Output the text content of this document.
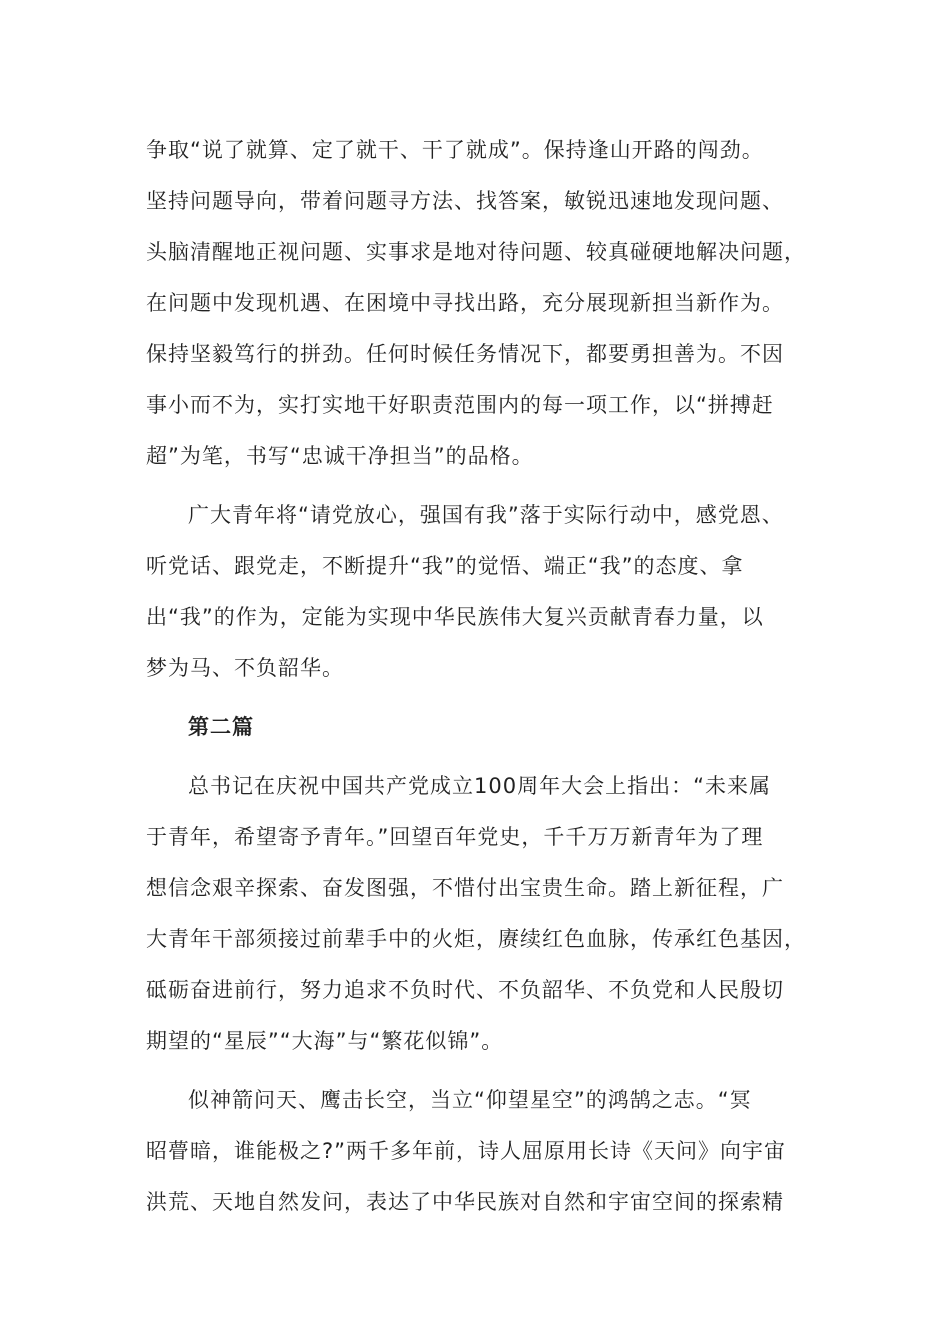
争取“说了就算、定了就干、干了就成”。保持逢山开路的闯劲。
坚持问题导向，带着问题寻方法、找答案，敏锐迅速地发现问题、
头脑清醒地正视问题、实事求是地对待问题、较真碰硬地解决问题，
在问题中发现机遇、在困境中寻找出路，充分展现新担当新作为。
保持坚毅笃行的拼劲。任何时候任务情况下，都要勇担善为。不因
事小而不为，实打实地干好职责范围内的每一项工作，以“拼搏赶
超”为笔，书写“忠诚干净担当”的品格。
广大青年将“请党放心，强国有我”落于实际行动中，感党恩、
听党话、跟党走，不断提升“我”的觉悟、端正“我”的态度、拿
出“我”的作为，定能为实现中华民族伟大复兴贡献青春力量，以
梦为马、不负韶华。
第二篇
总书记在庆祝中国共产党成立100周年大会上指出：“未来属
于青年，希望寄予青年。”回望百年党史，千千万万新青年为了理
想信念艰辛探索、奋发图强，不惜付出宝贵生命。踏上新征程，广
大青年干部须接过前辈手中的火炬，赓续红色血脉，传承红色基因，
砥砺奋进前行，努力追求不负时代、不负韶华、不负党和人民殷切
期望的“星辰”“大海”与“繁花似锦”。
似神箭问天、鹰击长空，当立“仰望星空”的鸿鹄之志。“冥
昭瞢暗，谁能极之?”两千多年前，诗人屈原用长诗《天问》向宇宙
洪荒、天地自然发问，表达了中华民族对自然和宇宙空间的探索精
